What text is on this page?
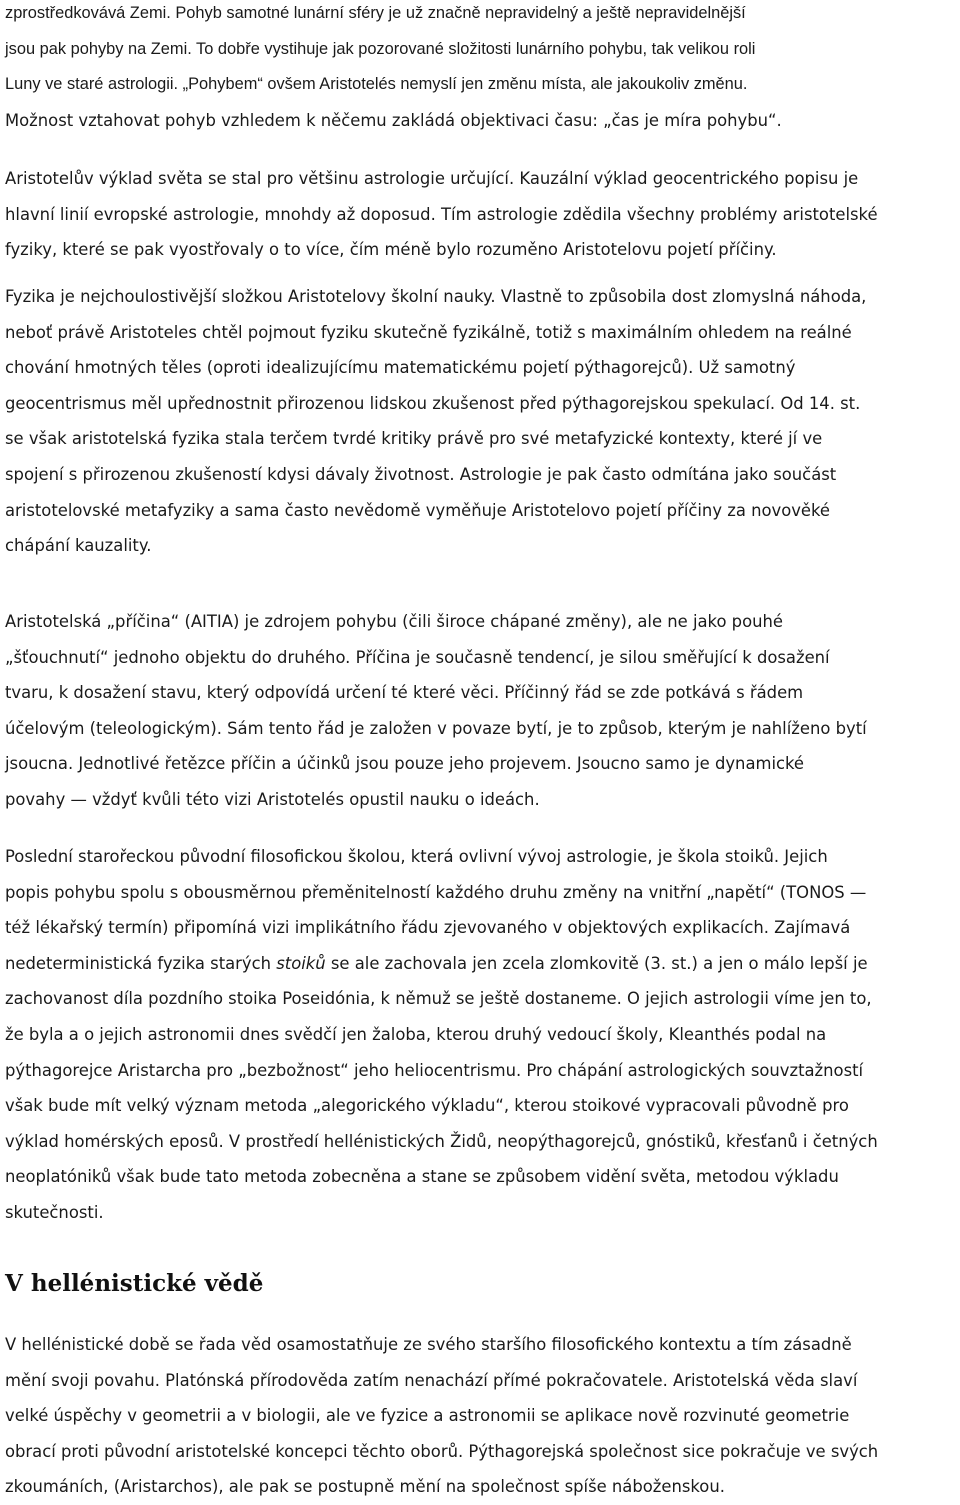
zprostředkovává Zemi. Pohyb samotné lunární sféry je už značně nepravidelný a ještě nepravidelnější
jsou pak pohyby na Zemi. To dobře vystihuje jak pozorované složitosti lunárního pohybu, tak velikou roli
Luny ve staré astrologii. „Pohybem“ ovšem Aristotelés nemyslí jen změnu místa, ale jakoukoliv změnu.
Možnost vztahovat pohyb vzhledem k něčemu zakládá objektivaci času: „čas je míra pohybu“.

Aristotelův výklad světa se stal pro většinu astrologie určující. Kauzální výklad geocentrického popisu je
hlavní linií evropské astrologie, mnohdy až doposud. Tím astrologie zdědila všechny problémy aristotelské
fyziky, které se pak vyostřovaly o to více, čím méně bylo rozuměno Aristotelovu pojetí příčiny.

Fyzika je nejchoulostivější složkou Aristotelovy školní nauky. Vlastně to způsobila dost zlomyslná náhoda,
neboť právě Aristoteles chtěl pojmout fyziku skutečně fyzikálně, totiž s maximálním ohledem na reálné
chování hmotných těles (oproti idealizujícímu matematickému pojetí pýthagorejců). Už samotný
geocentrismus měl upřednostnit přirozenou lidskou zkušenost před pýthagorejskou spekulací. Od 14. st.
se však aristotelská fyzika stala terčem tvrdé kritiky právě pro své metafyzické kontexty, které jí ve
spojení s přirozenou zkušeností kdysi dávaly životnost. Astrologie je pak často odmítána jako součást
aristotelovské metafyziky a sama často nevědomě vyměňuje Aristotelovo pojetí příčiny za novověké
chápání kauzality.

Aristotelská „příčina“ (AITIA) je zdrojem pohybu (čili široce chápané změny), ale ne jako pouhé
„šťouchnutí“ jednoho objektu do druhého. Příčina je současně tendencí, je silou směřující k dosažení
tvaru, k dosažení stavu, který odpovídá určení té které věci. Příčinný řád se zde potkává s řádem
účelovým (teleologickým). Sám tento řád je založen v povaze bytí, je to způsob, kterým je nahlíženo bytí
jsoucna. Jednotlivé řetězce příčin a účinků jsou pouze jeho projevem. Jsoucno samo je dynamické
povahy — vždyť kvůli této vizi Aristotelés opustil nauku o ideách.

Poslední starořeckou původní filosofickou školou, která ovlivní vývoj astrologie, je škola stoiků. Jejich
popis pohybu spolu s obousměrnou přeměnitelností každého druhu změny na vnitřní „napětí“ (TONOS —
též lékařský termín) připomíná vizi implikátního řádu zjevovaného v objektových explikacích. Zajímavá
nedeterministická fyzika starých stoiků se ale zachovala jen zcela zlomkovitě (3. st.) a jen o málo lepší je
zachovanost díla pozdního stoika Poseidónia, k němuž se ještě dostaneme. O jejich astrologii víme jen to,
že byla a o jejich astronomii dnes svědčí jen žaloba, kterou druhý vedoucí školy, Kleanthés podal na
pýthagorejce Aristarcha pro „bezbožnost“ jeho heliocentrismu. Pro chápání astrologických souvztažností
však bude mít velký význam metoda „alegorického výkladu“, kterou stoikové vypracovali původně pro
výklad homérských eposů. V prostředí hellénistických Židů, neopýthagorejců, gnóstiků, křesťanů i četných
neoplatóniků však bude tato metoda zobecněna a stane se způsobem vidění světa, metodou výkladu
skutečnosti.

V hellénistické vědě

V hellénistické době se řada věd osamostatňuje ze svého staršího filosofického kontextu a tím zásadně
mění svoji povahu. Platónská přírodověda zatím nenachází přímé pokračovatele. Aristotelská věda slaví
velké úspěchy v geometrii a v biologii, ale ve fyzice a astronomii se aplikace nově rozvinuté geometrie
obrací proti původní aristotelské koncepci těchto oborů. Pýthagorejská společnost sice pokračuje ve svých
zkoumáních, (Aristarchos), ale pak se postupně mění na společnost spíše náboženskou.
